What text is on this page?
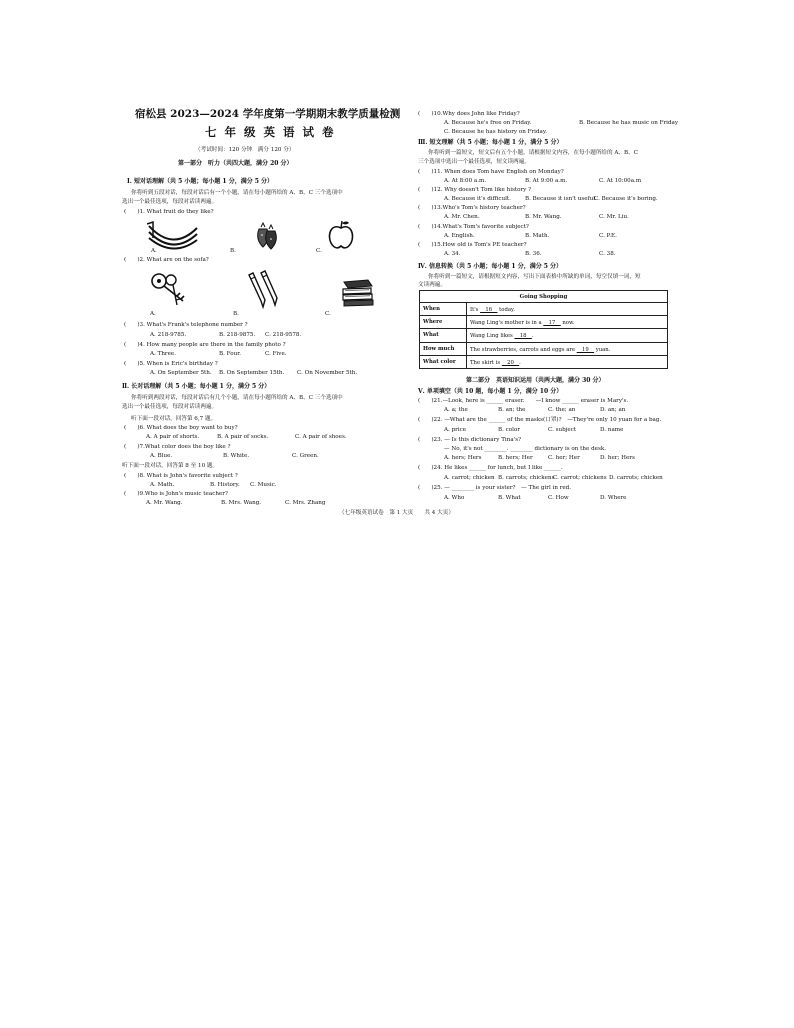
宿松县 2023—2024 学年度第一学期期末教学质量检测
七 年 级 英 语 试 卷
（考试时间：120 分钟　满分 120 分）
第一部分　听力（共四大题，满分 20 分）
Ⅰ. 短对话理解（共 5 小题；每小题 1 分，满分 5 分）
你将听到五段对话，每段对话后有一个小题，请在每小题所给的 A、B、C 三个选项中
选出一个最佳选项，每段对话读两遍。
(　　)1. What fruit do they like?
A.	B.	C.
(　　)2. What are on the sofa?
A.	B.	C.
(　　)3. What's Frank's telephone number ?
A. 218-9785.	B. 218-9875. C. 218-9578.
(　　)4. How many people are there in the family photo ?
A. Three.	B. Four.	C. Five.
(　　)5. When is Eric's birthday ?
A. On September 5th. B. On September 15th. C. On November 5th.
Ⅱ. 长对话理解（共 5 小题；每小题 1 分，满分 5 分）
你将听到两段对话，每段对话后有几个小题，请在每小题所给的 A、B、C 三个选项中
选出一个最佳选项，每段对话读两遍。
听下面一段对话，回答第 6,7 题。
(　　)6. What does the boy want to buy?
A. A pair of shorts.	B. A pair of socks.	C. A pair of shoes.
(　　)7.What color does the boy like ?
A. Blue.	B. White.	C. Green.
听下面一段对话，回答第 8 至 10 题。
(　　)8. What is John's favorite subject ?
A. Math.	B. History. C. Music.
(　　)9.Who is John's music teacher?
A. Mr. Wang.	B. Mrs. Wang.	C. Mrs. Zhang
(　　)10.Why does John like Friday?
A. Because he's free on Friday.	B. Because he has music on Friday
C. Because he has history on Friday.
Ⅲ. 短文理解（共 5 小题；每小题 1 分，满分 5 分）
你将听到一篇短文，短文后有五个小题，请根据短文内容，在每小题所给的 A、B、C
三个选项中选出一个最佳选项，短文读两遍。
(　　)11. When does Tom have English on Monday?
A. At 8:00 a.m.	B. At 9:00 a.m.	C. At 10:00a.m
(　　)12. Why doesn't Tom like history ?
A. Because it's difficult.	B. Because it isn't useful.
C. Because it's boring.
(　　)13.Who's Tom's history teacher?
A. Mr. Chen.	B. Mr. Wang.	C. Mr. Liu.
(　　)14.What's Tom's favorite subject?
A. English.	B. Math.	C. P.E.
(　　)15.How old is Tom's PE teacher?
A. 34.	B. 36.	C. 38.
Ⅳ. 信息转换（共 5 小题；每小题 1 分，满分 5 分）
你将听到一篇短文，请根据短文内容，写出下面表格中所缺的单词，每空仅填一词，短
文读两遍。
Going Shopping	
When	It's 　16　 today.
Where	Wang Ling's mother is in a 　17　 now.
What	Wang Ling likes 　18　.
How much	The strawberries, carrots and eggs are 　19　 yuan.
What color	The skirt is 　20　.
第二部分　英语知识运用（共两大题，满分 30 分）
Ⅴ. 单项填空（共 10 题，每小题 1 分，满分 10 分）
(　　)21.—Look, here is ______ eraser.　　—I know ______ eraser is Mary's.
A. a; the	B. an; the	C. the; an	D. an; an
(　　)22. —What are the ______ of the masks(口罩)?　—They're only 10 yuan for a bag.
A. price	B. color	C. subject	D. name
(　　)23. — Is this dictionary Tina's?
— No, it's not ________. ________ dictionary is on the desk.
A. hers; Hers	B. hers; Her	C. her; Her	D. her; Hers
(　　)24. He likes ______ for lunch, but I like ______.
A. carrot; chicken B. carrots; chickens
C. carrot; chickens D. carrots; chicken
(　　)25. — ________ is your sister?　— The girl in red.
A. Who	B. What	C. How	D. Where
（七年级英语试卷　第 1 大页　　共 4 大页）
